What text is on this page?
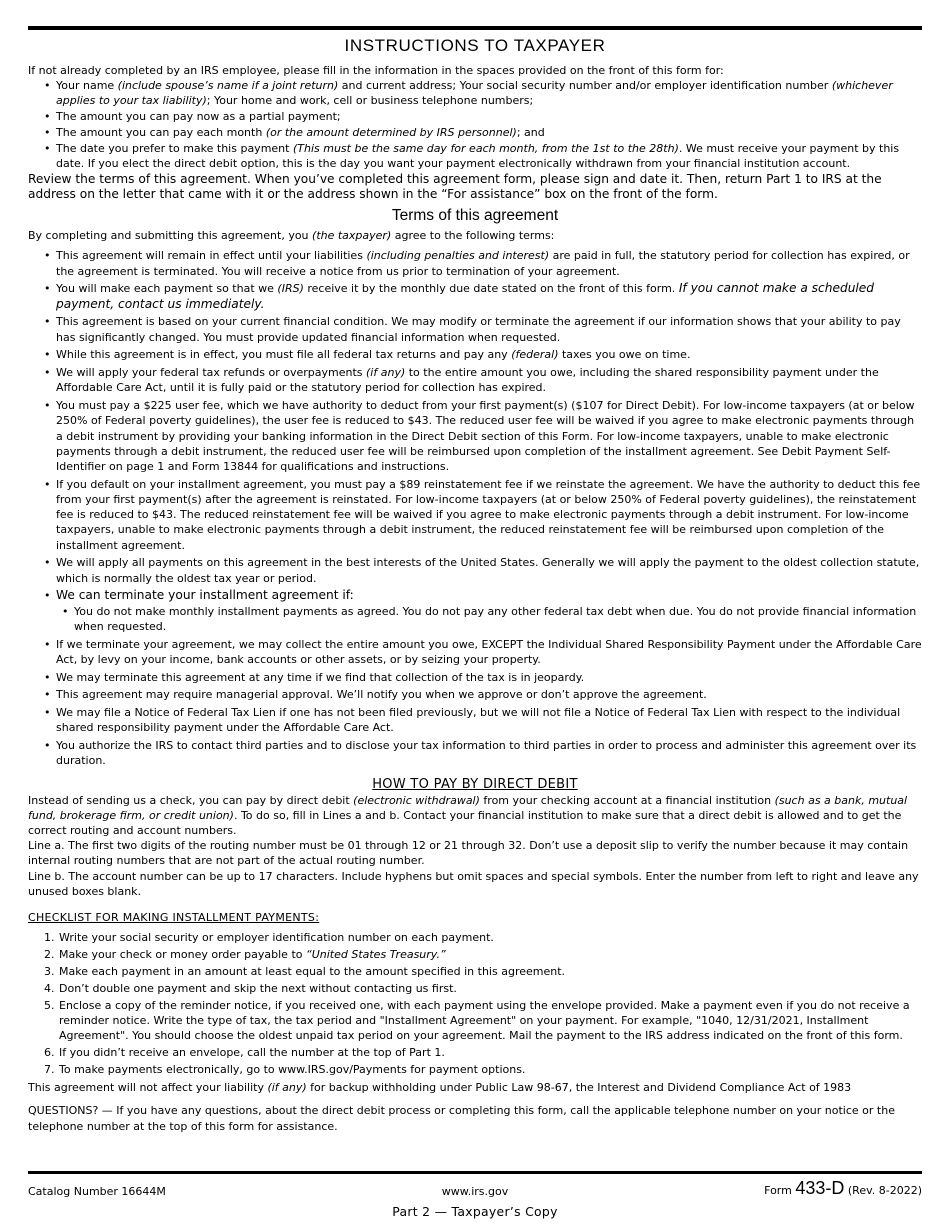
INSTRUCTIONS TO TAXPAYER

If not already completed by an IRS employee, please fill in the information in the spaces provided on the front of this form for:

• Your name (include spouse’s name if a joint return) and current address; Your social security number and/or employer identification number (whichever applies to your tax liability); Your home and work, cell or business telephone numbers;
• The amount you can pay now as a partial payment;
• The amount you can pay each month (or the amount determined by IRS personnel); and
• The date you prefer to make this payment (This must be the same day for each month, from the 1st to the 28th). We must receive your payment by this date. If you elect the direct debit option, this is the day you want your payment electronically withdrawn from your financial institution account.

Review the terms of this agreement. When you’ve completed this agreement form, please sign and date it. Then, return Part 1 to IRS at the address on the letter that came with it or the address shown in the “For assistance” box on the front of the form.

Terms of this agreement

By completing and submitting this agreement, you (the taxpayer) agree to the following terms:

• This agreement will remain in effect until your liabilities (including penalties and interest) are paid in full, the statutory period for collection has expired, or the agreement is terminated. You will receive a notice from us prior to termination of your agreement.
• You will make each payment so that we (IRS) receive it by the monthly due date stated on the front of this form. If you cannot make a scheduled payment, contact us immediately.
• This agreement is based on your current financial condition. We may modify or terminate the agreement if our information shows that your ability to pay has significantly changed. You must provide updated financial information when requested.
• While this agreement is in effect, you must file all federal tax returns and pay any (federal) taxes you owe on time.
• We will apply your federal tax refunds or overpayments (if any) to the entire amount you owe, including the shared responsibility payment under the Affordable Care Act, until it is fully paid or the statutory period for collection has expired.
• You must pay a $225 user fee, which we have authority to deduct from your first payment(s) ($107 for Direct Debit). For low-income taxpayers (at or below 250% of Federal poverty guidelines), the user fee is reduced to $43. The reduced user fee will be waived if you agree to make electronic payments through a debit instrument by providing your banking information in the Direct Debit section of this Form. For low-income taxpayers, unable to make electronic payments through a debit instrument, the reduced user fee will be reimbursed upon completion of the installment agreement. See Debit Payment Self-Identifier on page 1 and Form 13844 for qualifications and instructions.
• If you default on your installment agreement, you must pay a $89 reinstatement fee if we reinstate the agreement. We have the authority to deduct this fee from your first payment(s) after the agreement is reinstated. For low-income taxpayers (at or below 250% of Federal poverty guidelines), the reinstatement fee is reduced to $43. The reduced reinstatement fee will be waived if you agree to make electronic payments through a debit instrument. For low-income taxpayers, unable to make electronic payments through a debit instrument, the reduced reinstatement fee will be reimbursed upon completion of the installment agreement.
• We will apply all payments on this agreement in the best interests of the United States. Generally we will apply the payment to the oldest collection statute, which is normally the oldest tax year or period.
• We can terminate your installment agreement if:
• You do not make monthly installment payments as agreed. You do not pay any other federal tax debt when due. You do not provide financial information when requested.
• If we terminate your agreement, we may collect the entire amount you owe, EXCEPT the Individual Shared Responsibility Payment under the Affordable Care Act, by levy on your income, bank accounts or other assets, or by seizing your property.
• We may terminate this agreement at any time if we find that collection of the tax is in jeopardy.
• This agreement may require managerial approval. We’ll notify you when we approve or don’t approve the agreement.
• We may file a Notice of Federal Tax Lien if one has not been filed previously, but we will not file a Notice of Federal Tax Lien with respect to the individual shared responsibility payment under the Affordable Care Act.
• You authorize the IRS to contact third parties and to disclose your tax information to third parties in order to process and administer this agreement over its duration.
HOW TO PAY BY DIRECT DEBIT

Instead of sending us a check, you can pay by direct debit (electronic withdrawal) from your checking account at a financial institution (such as a bank, mutual fund, brokerage firm, or credit union). To do so, fill in Lines a and b. Contact your financial institution to make sure that a direct debit is allowed and to get the correct routing and account numbers.

Line a. The first two digits of the routing number must be 01 through 12 or 21 through 32. Don’t use a deposit slip to verify the number because it may contain internal routing numbers that are not part of the actual routing number.

Line b. The account number can be up to 17 characters. Include hyphens but omit spaces and special symbols. Enter the number from left to right and leave any unused boxes blank.

CHECKLIST FOR MAKING INSTALLMENT PAYMENTS:

1. Write your social security or employer identification number on each payment.
2. Make your check or money order payable to “United States Treasury.”
3. Make each payment in an amount at least equal to the amount specified in this agreement.
4. Don’t double one payment and skip the next without contacting us first.
5. Enclose a copy of the reminder notice, if you received one, with each payment using the envelope provided. Make a payment even if you do not receive a reminder notice. Write the type of tax, the tax period and "Installment Agreement" on your payment. For example, "1040, 12/31/2021, Installment Agreement". You should choose the oldest unpaid tax period on your agreement. Mail the payment to the IRS address indicated on the front of this form.
6. If you didn’t receive an envelope, call the number at the top of Part 1.
7. To make payments electronically, go to www.IRS.gov/Payments for payment options.

This agreement will not affect your liability (if any) for backup withholding under Public Law 98-67, the Interest and Dividend Compliance Act of 1983

QUESTIONS? — If you have any questions, about the direct debit process or completing this form, call the applicable telephone number on your notice or the telephone number at the top of this form for assistance.

Catalog Number 16644M	www.irs.gov	Form 433-D (Rev. 8-2022)
Part 2 — Taxpayer’s Copy
